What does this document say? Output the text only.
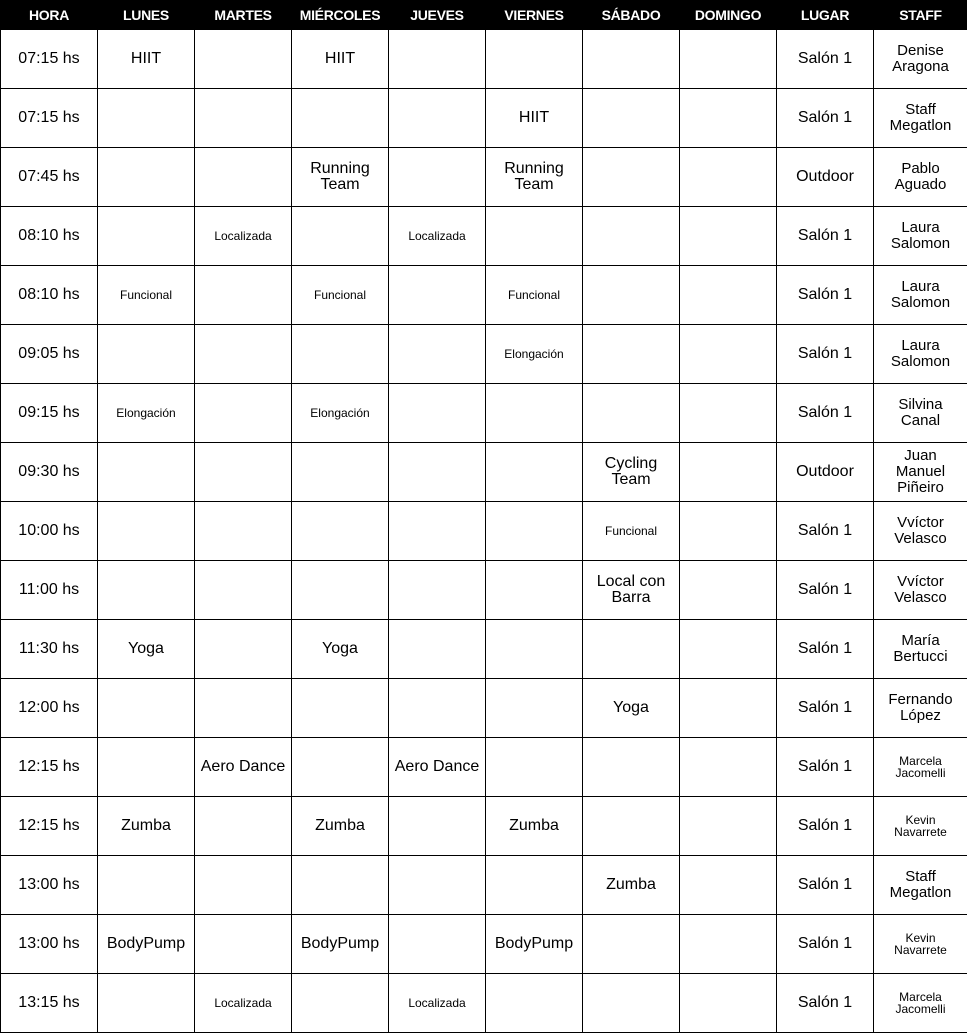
HORA	LUNES	MARTES	MIÉRCOLES	JUEVES	VIERNES	SÁBADO	DOMINGO	LUGAR	STAFF
07:15 hs	HIIT		HIIT					Salón 1	Denise
Aragona
07:15 hs					HIIT			Salón 1	Staff
Megatlon
07:45 hs			Running
Team		Running
Team			Outdoor	Pablo
Aguado
08:10 hs		Localizada		Localizada				Salón 1	Laura
Salomon
08:10 hs	Funcional		Funcional		Funcional			Salón 1	Laura
Salomon
09:05 hs					Elongación			Salón 1	Laura
Salomon
09:15 hs	Elongación		Elongación					Salón 1	Silvina
Canal
09:30 hs						Cycling
Team		Outdoor	Juan
Manuel
Piñeiro
10:00 hs						Funcional		Salón 1	Vvíctor
Velasco
11:00 hs						Local con
Barra		Salón 1	Vvíctor
Velasco
11:30 hs	Yoga		Yoga					Salón 1	María
Bertucci
12:00 hs						Yoga		Salón 1	Fernando
López
12:15 hs		Aero Dance		Aero Dance				Salón 1	Marcela
Jacomelli
12:15 hs	Zumba		Zumba		Zumba			Salón 1	Kevin
Navarrete
13:00 hs						Zumba		Salón 1	Staff
Megatlon
13:00 hs	BodyPump		BodyPump		BodyPump			Salón 1	Kevin
Navarrete
13:15 hs		Localizada		Localizada				Salón 1	Marcela
Jacomelli
